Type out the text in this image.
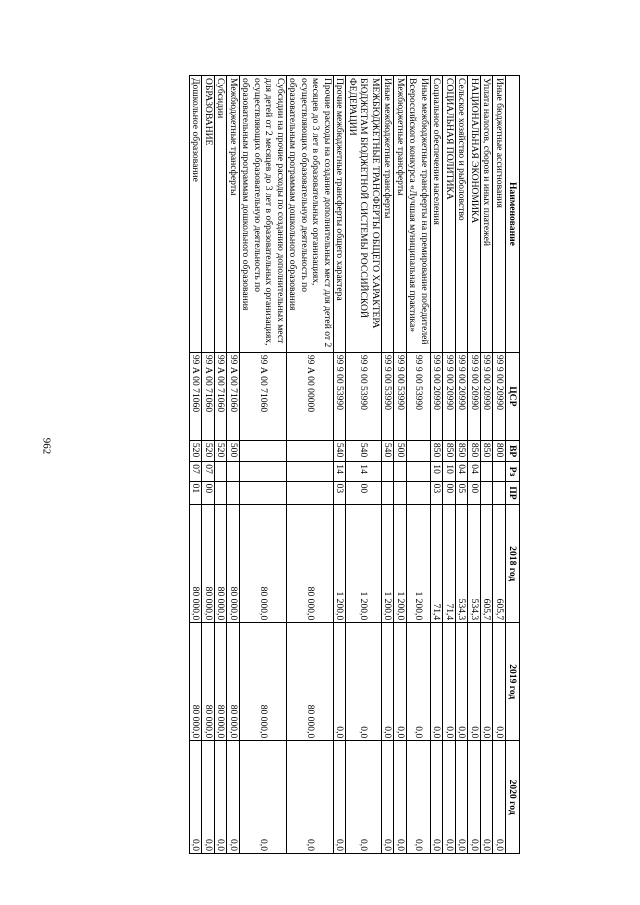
962
Наименование	ЦСР	ВР	Рз	ПР	2018 год	2019 год	2020 год
Иные бюджетные ассигнования	99 9 00 20990	800			605,7	0,0	0,0
Уплата налогов, сборов и иных платежей	99 9 00 20990	850			605,7	0,0	0,0
НАЦИОНАЛЬНАЯ ЭКОНОМИКА	99 9 00 20990	850	04	00	534,3	0,0	0,0
Сельское хозяйство и рыболовство	99 9 00 20990	850	04	05	534,3	0,0	0,0
СОЦИАЛЬНАЯ ПОЛИТИКА	99 9 00 20990	850	10	00	71,4	0,0	0,0
Социальное обеспечение населения	99 9 00 20990	850	10	03	71,4	0,0	0,0
Иные межбюджетные трансферты на премирование победителей Всероссийского конкурса «Лучшая муниципальная практика»	99 9 00 53990				1 200,0	0,0	0,0
Межбюджетные трансферты	99 9 00 53990	500			1 200,0	0,0	0,0
Иные межбюджетные трансферты	99 9 00 53990	540			1 200,0	0,0	0,0
МЕЖБЮДЖЕТНЫЕ ТРАНСФЕРТЫ ОБЩЕГО ХАРАКТЕРА БЮДЖЕТАМ БЮДЖЕТНОЙ СИСТЕМЫ РОССИЙСКОЙ ФЕДЕРАЦИИ	99 9 00 53990	540	14	00	1 200,0	0,0	0,0
Прочие межбюджетные трансферты общего характера	99 9 00 53990	540	14	03	1 200,0	0,0	0,0
Прочие расходы на создание дополнительных мест для детей от 2 месяцев до 3 лет в образовательных организациях, осуществляющих образовательную деятельность по образовательным программам дошкольного образования	99 А 00 00000				80 000,0	80 000,0	0,0
Субсидии на прочие расходы по созданию дополнительных мест для детей от 2 месяцев до 3 лет в образовательных организациях, осуществляющих образовательную деятельность по образовательным программам дошкольного образования	99 А 00 71060				80 000,0	80 000,0	0,0
Межбюджетные трансферты	99 А 00 71060	500			80 000,0	80 000,0	0,0
Субсидии	99 А 00 71060	520			80 000,0	80 000,0	0,0
ОБРАЗОВАНИЕ	99 А 00 71060	520	07	00	80 000,0	80 000,0	0,0
Дошкольное образование	99 А 00 71060	520	07	01	80 000,0	80 000,0	0,0
